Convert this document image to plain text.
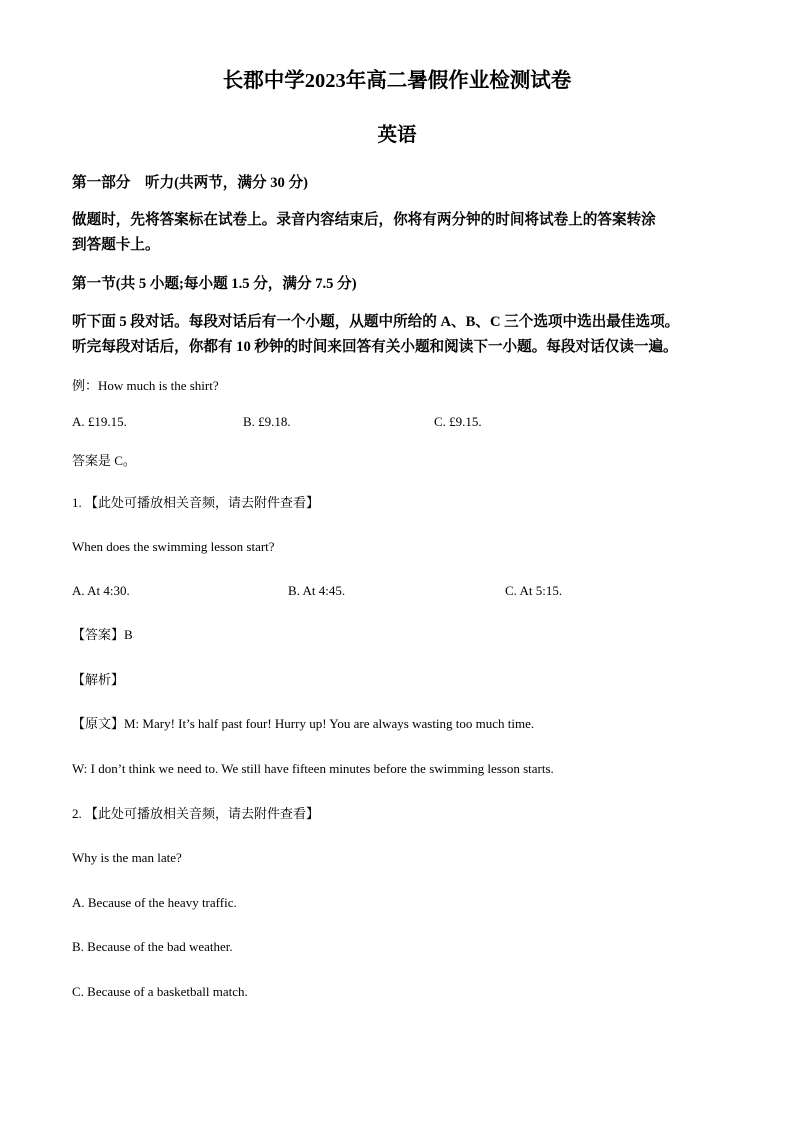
长郡中学2023年高二暑假作业检测试卷
英语
第一部分　听力(共两节，满分 30 分)
做题时，先将答案标在试卷上。录音内容结束后，你将有两分钟的时间将试卷上的答案转涂
到答题卡上。
第一节(共 5 小题;每小题 1.5 分，满分 7.5 分)
听下面 5 段对话。每段对话后有一个小题，从题中所给的 A、B、C 三个选项中选出最佳选项。
听完每段对话后，你都有 10 秒钟的时间来回答有关小题和阅读下一小题。每段对话仅读一遍。
例：How much is the shirt?
A. £19.15.	B. £9.18.	C. £9.15.
答案是 C。
1. 【此处可播放相关音频，请去附件查看】
When does the swimming lesson start?
A. At 4:30.	B. At 4:45.	C. At 5:15.
【答案】B
【解析】
【原文】M: Mary! It’s half past four! Hurry up! You are always wasting too much time.
W: I don’t think we need to. We still have fifteen minutes before the swimming lesson starts.
2. 【此处可播放相关音频，请去附件查看】
Why is the man late?
A. Because of the heavy traffic.
B. Because of the bad weather.
C. Because of a basketball match.
